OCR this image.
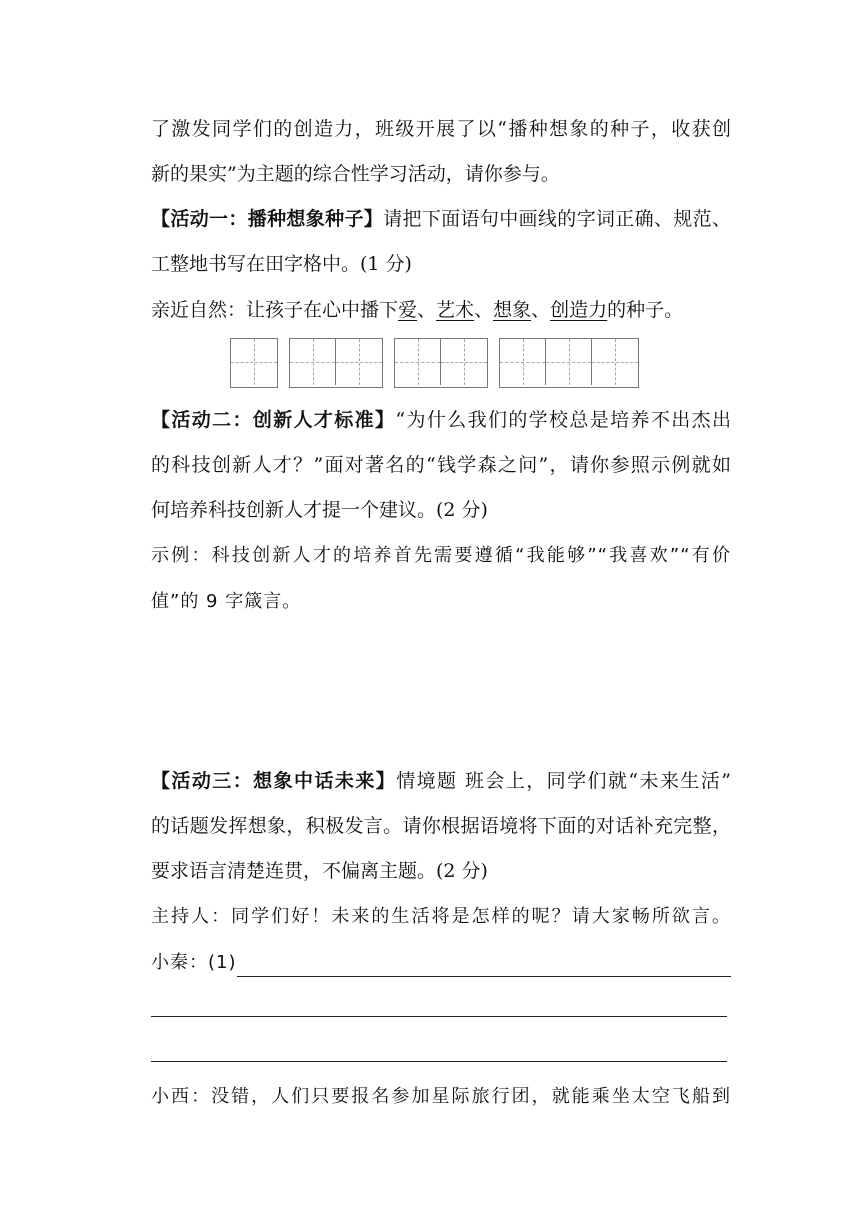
了激发同学们的创造力，班级开展了以“播种想象的种子，收获创
新的果实”为主题的综合性学习活动，请你参与。
【活动一：播种想象种子】请把下面语句中画线的字词正确、规范、
工整地书写在田字格中。(1 分)
亲近自然：让孩子在心中播下爱、艺术、想象、创造力的种子。
【活动二：创新人才标准】“为什么我们的学校总是培养不出杰出
的科技创新人才？”面对著名的“钱学森之问”，请你参照示例就如
何培养科技创新人才提一个建议。(2 分)
示例：科技创新人才的培养首先需要遵循“我能够”“我喜欢”“有价
值”的 9 字箴言。
【活动三：想象中话未来】情境题 班会上，同学们就“未来生活”
的话题发挥想象，积极发言。请你根据语境将下面的对话补充完整，
要求语言清楚连贯，不偏离主题。(2 分)
主持人：同学们好！未来的生活将是怎样的呢？请大家畅所欲言。
小秦：(1)
小西：没错，人们只要报名参加星际旅行团，就能乘坐太空飞船到
